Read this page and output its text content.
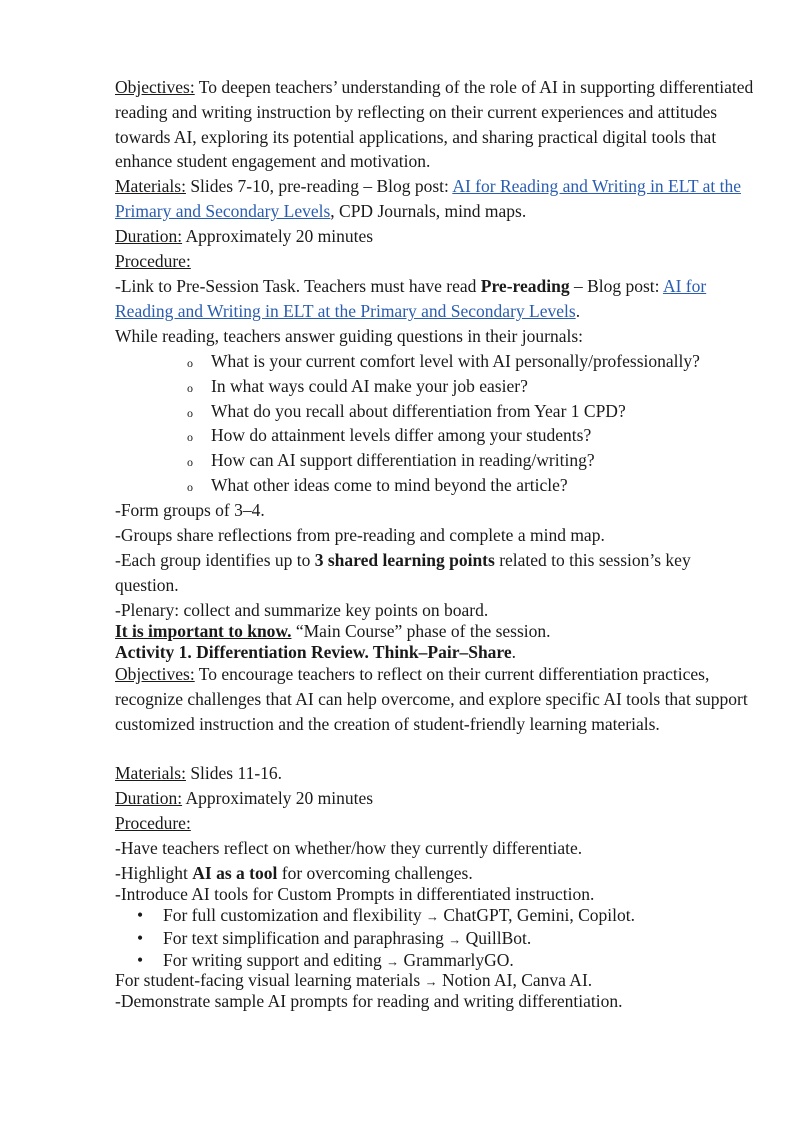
Objectives: To deepen teachers’ understanding of the role of AI in supporting differentiated reading and writing instruction by reflecting on their current experiences and attitudes towards AI, exploring its potential applications, and sharing practical digital tools that enhance student engagement and motivation.
Materials: Slides 7-10, pre-reading – Blog post: AI for Reading and Writing in ELT at the Primary and Secondary Levels, CPD Journals, mind maps.
Duration: Approximately 20 minutes
Procedure:
-Link to Pre-Session Task. Teachers must have read Pre-reading – Blog post: AI for Reading and Writing in ELT at the Primary and Secondary Levels.
While reading, teachers answer guiding questions in their journals:
o What is your current comfort level with AI personally/professionally?
o In what ways could AI make your job easier?
o What do you recall about differentiation from Year 1 CPD?
o How do attainment levels differ among your students?
o How can AI support differentiation in reading/writing?
o What other ideas come to mind beyond the article?
-Form groups of 3–4.
-Groups share reflections from pre-reading and complete a mind map.
-Each group identifies up to 3 shared learning points related to this session’s key question.
-Plenary: collect and summarize key points on board.
It is important to know. “Main Course” phase of the session.
Activity 1. Differentiation Review. Think–Pair–Share.
Objectives: To encourage teachers to reflect on their current differentiation practices, recognize challenges that AI can help overcome, and explore specific AI tools that support customized instruction and the creation of student-friendly learning materials.
Materials: Slides 11-16.
Duration: Approximately 20 minutes
Procedure:
-Have teachers reflect on whether/how they currently differentiate.
-Highlight AI as a tool for overcoming challenges.
-Introduce AI tools for Custom Prompts in differentiated instruction.
• For full customization and flexibility → ChatGPT, Gemini, Copilot.
• For text simplification and paraphrasing → QuillBot.
• For writing support and editing → GrammarlyGO.
For student-facing visual learning materials → Notion AI, Canva AI.
-Demonstrate sample AI prompts for reading and writing differentiation.
